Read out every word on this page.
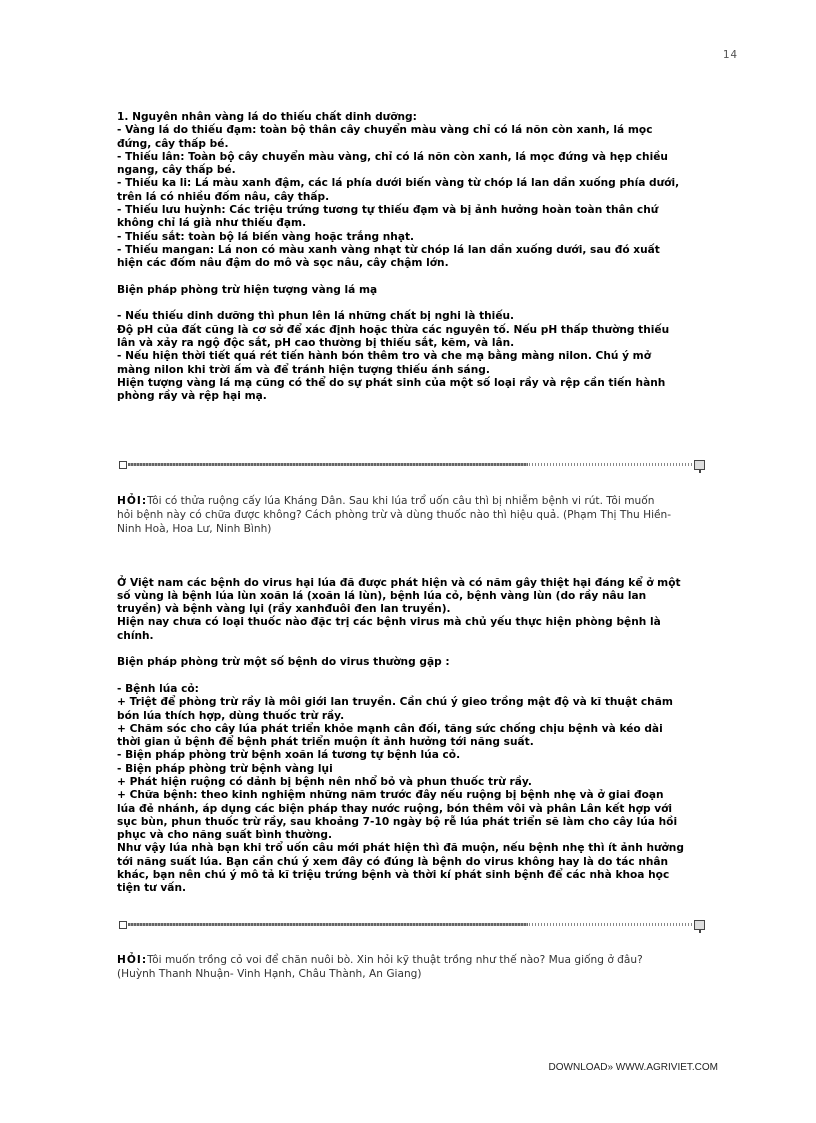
14
1. Nguyên nhân vàng lá do thiếu chất dinh dưỡng:
- Vàng lá do thiếu đạm: toàn bộ thân cây chuyển màu vàng chỉ có lá nõn còn xanh, lá mọc
đứng, cây thấp bé.
- Thiếu lân: Toàn bộ cây chuyển màu vàng, chỉ có lá nõn còn xanh, lá mọc đứng và hẹp chiều
ngang, cây thấp bé.
- Thiếu ka li: Lá màu xanh đậm, các lá phía dưới biến vàng từ chóp lá lan dần xuống phía dưới,
trên lá có nhiều đốm nâu, cây thấp.
- Thiếu lưu huỳnh: Các triệu trứng tương tự thiếu đạm và bị ảnh hưởng hoàn toàn thân chứ
không chỉ lá già như thiếu đạm.
- Thiếu sắt: toàn bộ lá biến vàng hoặc trắng nhạt.
- Thiếu mangan: Lá non có màu xanh vàng nhạt từ chóp lá lan dần xuống dưới, sau đó xuất
hiện các đốm nâu đậm do mô và sọc nâu, cây chậm lớn.
Biện pháp phòng trừ hiện tượng vàng lá mạ
- Nếu thiếu dinh dưỡng thì phun lên lá những chất bị nghi là thiếu.
Độ pH của đất cũng là cơ sở để xác định hoặc thừa các nguyên tố. Nếu pH thấp thường thiếu
lân và xảy ra ngộ độc sắt, pH cao thường bị thiếu sắt, kẽm, và lân.
- Nếu hiện thời tiết quá rét tiến hành bón thêm tro và che mạ bằng màng nilon. Chú ý mở
màng nilon khi trời ấm và để tránh hiện tượng thiếu ánh sáng.
Hiện tượng vàng lá mạ cũng có thể do sự phát sinh của một số loại rầy và rệp cần tiến hành
phòng rầy và rệp hại mạ.
HỎI:Tôi có thửa ruộng cấy lúa Kháng Dân. Sau khi lúa trổ uốn câu thì bị nhiễm bệnh vi rút. Tôi muốn
hỏi bệnh này có chữa được không? Cách phòng trừ và dùng thuốc nào thì hiệu quả. (Phạm Thị Thu Hiền-
Ninh Hoà, Hoa Lư, Ninh Bình)
Ở Việt nam các bệnh do virus hại lúa đã được phát hiện và có năm gây thiệt hại đáng kể ở một
số vùng là bệnh lúa lùn xoăn lá (xoăn lá lùn), bệnh lúa cỏ, bệnh vàng lùn (do rầy nâu lan
truyền) và bệnh vàng lụi (rầy xanhđuôi đen lan truyền).
Hiện nay chưa có loại thuốc nào đặc trị các bệnh virus mà chủ yếu thực hiện phòng bệnh là
chính.
Biện pháp phòng trừ một số bệnh do virus thường gặp :
- Bệnh lúa cỏ:
+ Triệt để phòng trừ rầy là môi giới lan truyền. Cần chú ý gieo trồng mật độ và kĩ thuật chăm
bón lúa thích hợp, dùng thuốc trừ rầy.
+ Chăm sóc cho cây lúa phát triển khỏe mạnh cân đối, tăng sức chống chịu bệnh và kéo dài
thời gian ủ bệnh để bệnh phát triển muộn ít ảnh hưởng tới năng suất.
- Biện pháp phòng trừ bệnh xoăn lá tương tự bệnh lúa cỏ.
- Biện pháp phòng trừ bệnh vàng lụi
+ Phát hiện ruộng có dảnh bị bệnh nên nhổ bỏ và phun thuốc trừ rầy.
+ Chữa bệnh: theo kinh nghiệm những năm trước đây nếu ruộng bị bệnh nhẹ và ở giai đoạn
lúa đẻ nhánh, áp dụng các biện pháp thay nước ruộng, bón thêm vôi và phân Lân kết hợp với
sục bùn, phun thuốc trừ rầy, sau khoảng 7-10 ngày bộ rễ lúa phát triển sẽ làm cho cây lúa hồi
phục và cho năng suất bình thường.
Như vậy lúa nhà bạn khi trổ uốn câu mới phát hiện thì đã muộn, nếu bệnh nhẹ thì ít ảnh hưởng
tới năng suất lúa. Bạn cần chú ý xem đây có đúng là bệnh do virus không hay là do tác nhân
khác, bạn nên chú ý mô tả kĩ triệu trứng bệnh và thời kí phát sinh bệnh để các nhà khoa học
tiện tư vấn.
HỎI:Tôi muốn trồng cỏ voi để chăn nuôi bò. Xin hỏi kỹ thuật trồng như thế nào? Mua giống ở đâu?
(Huỳnh Thanh Nhuận- Vinh Hạnh, Châu Thành, An Giang)
DOWNLOAD» WWW.AGRIVIET.COM
